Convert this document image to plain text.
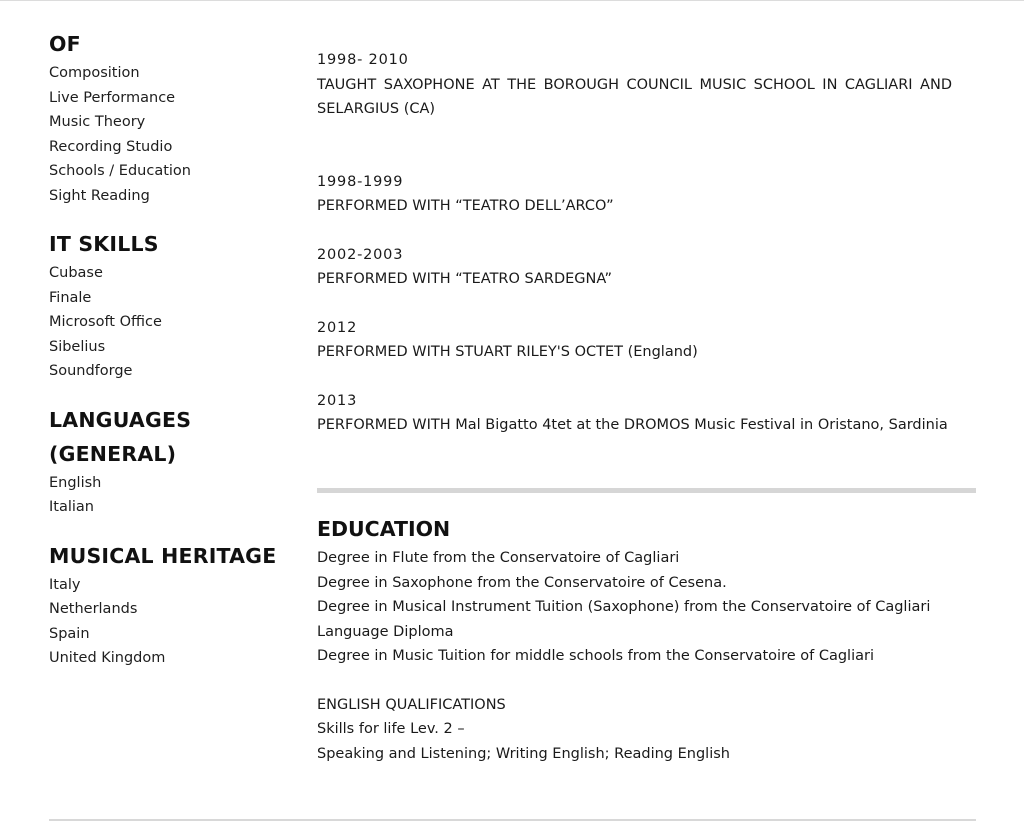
OF
Composition
Live Performance
Music Theory
Recording Studio
Schools / Education
Sight Reading
IT SKILLS
Cubase
Finale
Microsoft Office
Sibelius
Soundforge
LANGUAGES (GENERAL)
English
Italian
MUSICAL HERITAGE
Italy
Netherlands
Spain
United Kingdom
1998- 2010
TAUGHT SAXOPHONE AT THE BOROUGH COUNCIL MUSIC SCHOOL IN CAGLIARI AND SELARGIUS (CA)
1998-1999
PERFORMED WITH “TEATRO DELL’ARCO”
2002-2003
PERFORMED WITH “TEATRO SARDEGNA”
2012
PERFORMED WITH STUART RILEY'S OCTET (England)
2013
PERFORMED WITH Mal Bigatto 4tet at the DROMOS Music Festival in Oristano, Sardinia
EDUCATION
Degree in Flute from the Conservatoire of Cagliari
Degree in Saxophone from the Conservatoire of Cesena.
Degree in Musical Instrument Tuition (Saxophone) from the Conservatoire of Cagliari
Language Diploma
Degree in Music Tuition for middle schools from the Conservatoire of Cagliari
ENGLISH QUALIFICATIONS
Skills for life Lev. 2 –
Speaking and Listening; Writing English; Reading English
